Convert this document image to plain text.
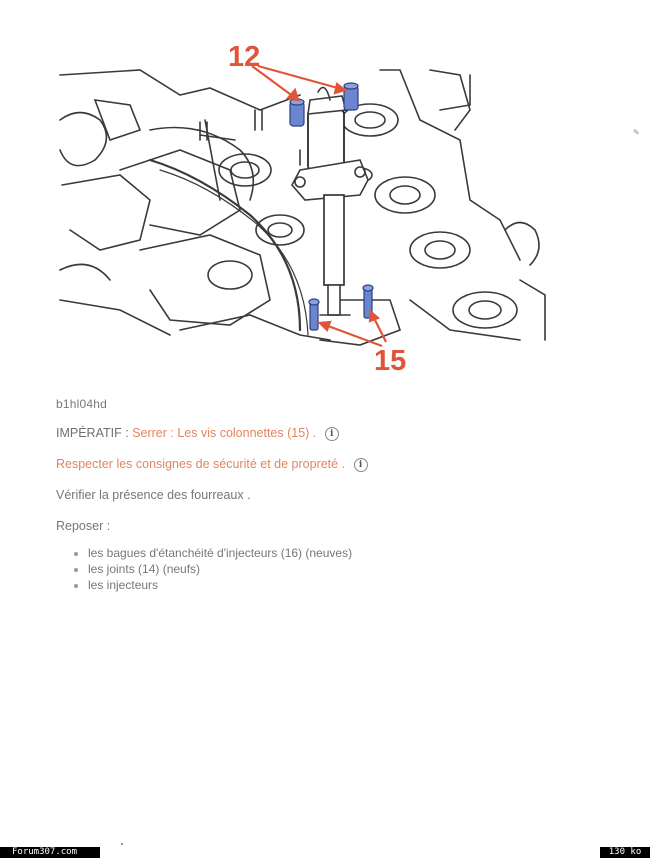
12
15
✎
b1hl04hd
IMPÉRATIF : Serrer : Les vis colonnettes (15) . i
Respecter les consignes de sécurité et de propreté . i
Vérifier la présence des fourreaux .
Reposer :
• les bagues d'étanchéité d'injecteurs (16) (neuves)
• les joints (14) (neufs)
• les injecteurs
Forum307.com	130 ko
